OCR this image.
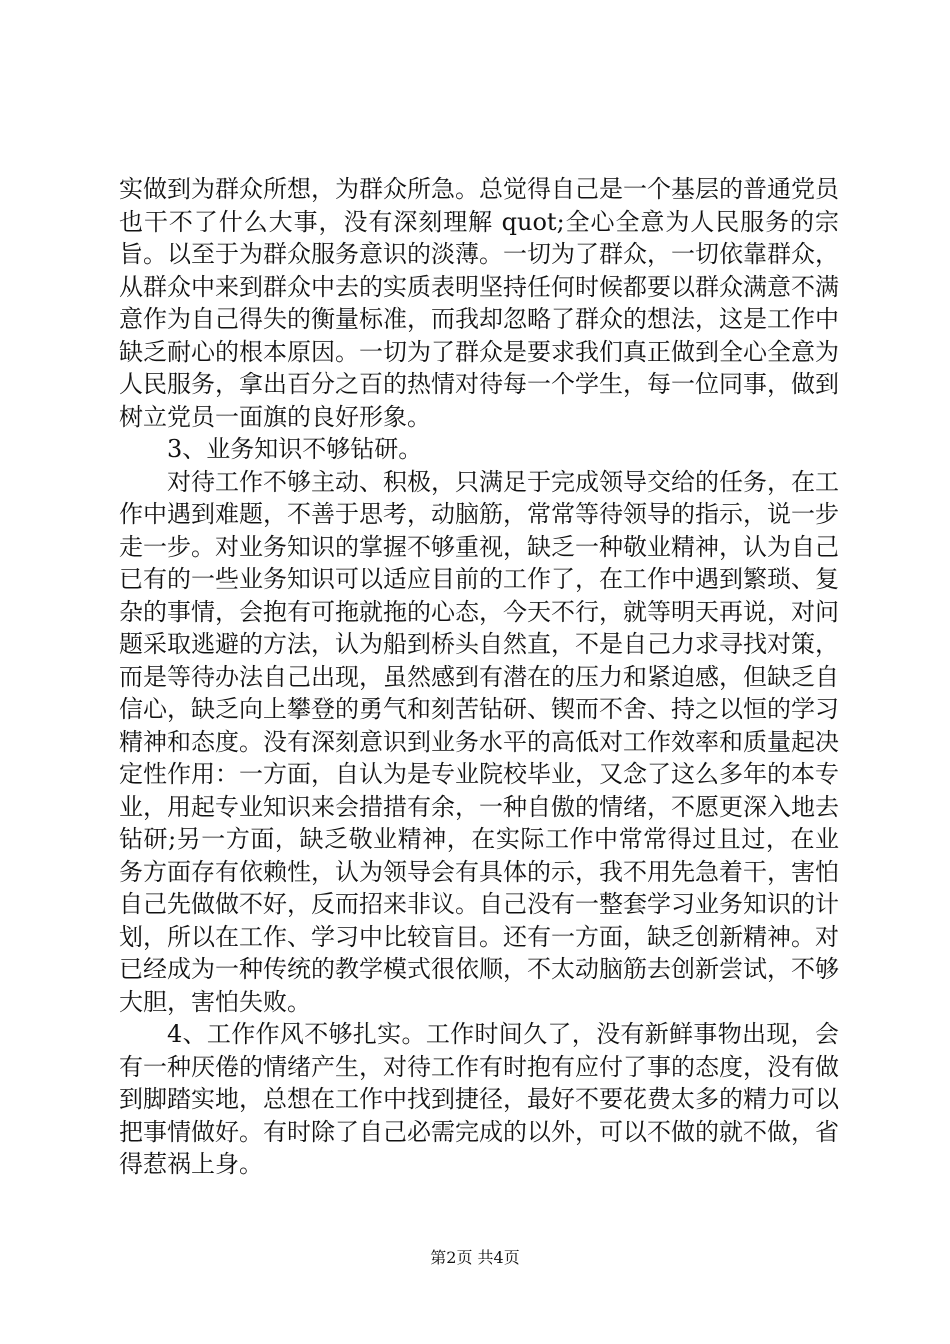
实做到为群众所想，为群众所急。总觉得自己是一个基层的普通党员也干不了什么大事，没有深刻理解 quot;全心全意为人民服务的宗旨。以至于为群众服务意识的淡薄。一切为了群众，一切依靠群众，从群众中来到群众中去的实质表明坚持任何时候都要以群众满意不满意作为自己得失的衡量标准，而我却忽略了群众的想法，这是工作中缺乏耐心的根本原因。一切为了群众是要求我们真正做到全心全意为人民服务，拿出百分之百的热情对待每一个学生，每一位同事，做到树立党员一面旗的良好形象。

3、业务知识不够钻研。

对待工作不够主动、积极，只满足于完成领导交给的任务，在工作中遇到难题，不善于思考，动脑筋，常常等待领导的指示，说一步走一步。对业务知识的掌握不够重视，缺乏一种敬业精神，认为自己已有的一些业务知识可以适应目前的工作了，在工作中遇到繁琐、复杂的事情，会抱有可拖就拖的心态，今天不行，就等明天再说，对问题采取逃避的方法，认为船到桥头自然直，不是自己力求寻找对策，而是等待办法自己出现，虽然感到有潜在的压力和紧迫感，但缺乏自信心，缺乏向上攀登的勇气和刻苦钻研、锲而不舍、持之以恒的学习精神和态度。没有深刻意识到业务水平的高低对工作效率和质量起决定性作用：一方面，自认为是专业院校毕业，又念了这么多年的本专业，用起专业知识来会措措有余，一种自傲的情绪，不愿更深入地去钻研;另一方面，缺乏敬业精神，在实际工作中常常得过且过，在业务方面存有依赖性，认为领导会有具体的示，我不用先急着干，害怕自己先做做不好，反而招来非议。自己没有一整套学习业务知识的计划，所以在工作、学习中比较盲目。还有一方面，缺乏创新精神。对已经成为一种传统的教学模式很依顺，不太动脑筋去创新尝试，不够大胆，害怕失败。

4、工作作风不够扎实。工作时间久了，没有新鲜事物出现，会有一种厌倦的情绪产生，对待工作有时抱有应付了事的态度，没有做到脚踏实地，总想在工作中找到捷径，最好不要花费太多的精力可以把事情做好。有时除了自己必需完成的以外，可以不做的就不做，省得惹祸上身。

第2页 共4页
